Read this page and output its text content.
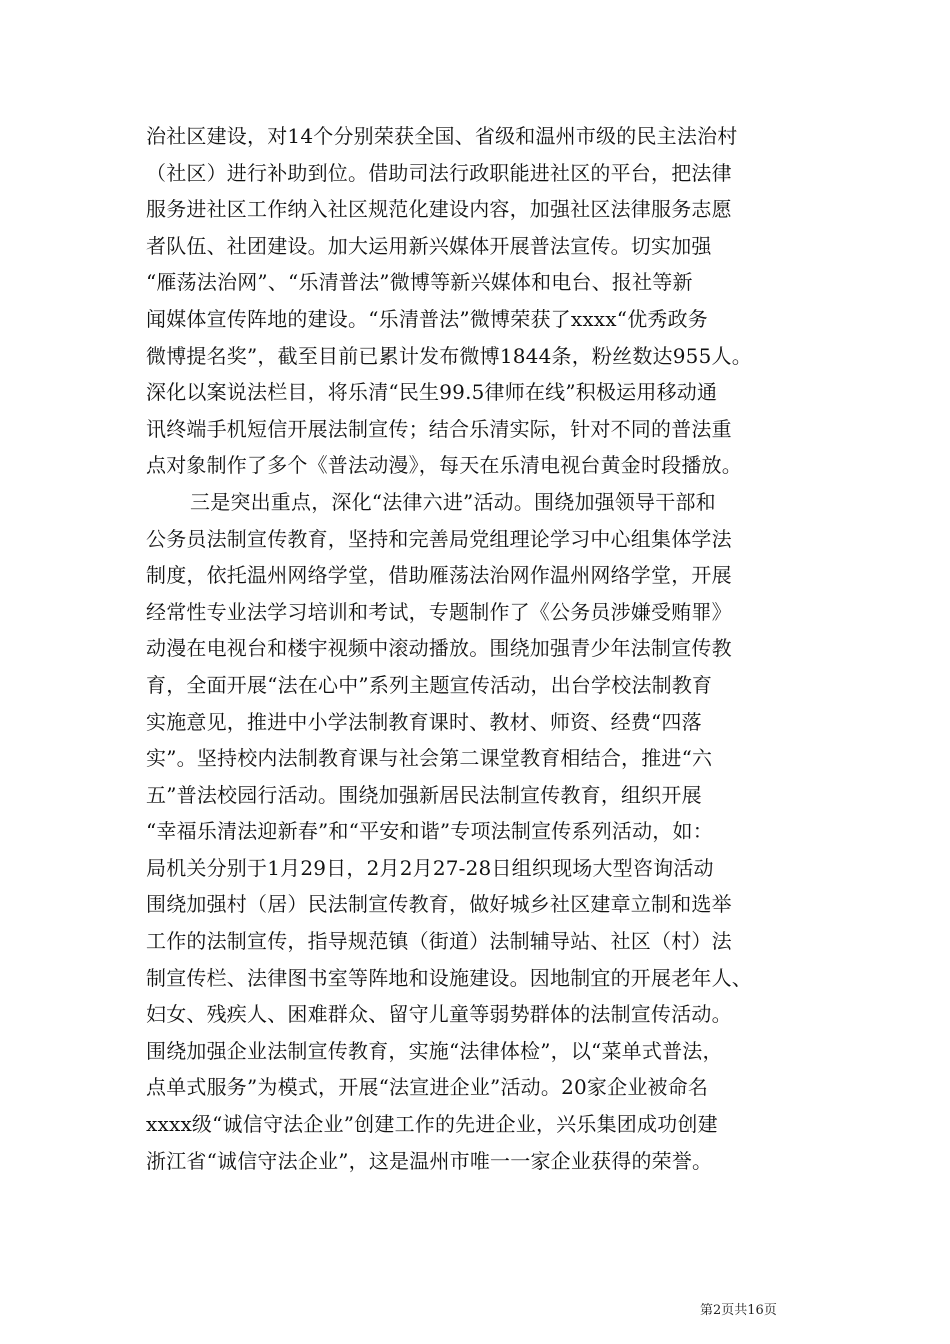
治社区建设，对14个分别荣获全国、省级和温州市级的民主法治村
（社区）进行补助到位。借助司法行政职能进社区的平台，把法律
服务进社区工作纳入社区规范化建设内容，加强社区法律服务志愿
者队伍、社团建设。加大运用新兴媒体开展普法宣传。切实加强
“雁荡法治网”、“乐清普法”微博等新兴媒体和电台、报社等新
闻媒体宣传阵地的建设。“乐清普法”微博荣获了xxxx“优秀政务
微博提名奖”，截至目前已累计发布微博1844条，粉丝数达955人。
深化以案说法栏目，将乐清“民生99.5律师在线”积极运用移动通
讯终端手机短信开展法制宣传；结合乐清实际，针对不同的普法重
点对象制作了多个《普法动漫》，每天在乐清电视台黄金时段播放。
三是突出重点，深化“法律六进”活动。围绕加强领导干部和
公务员法制宣传教育，坚持和完善局党组理论学习中心组集体学法
制度，依托温州网络学堂，借助雁荡法治网作温州网络学堂，开展
经常性专业法学习培训和考试，专题制作了《公务员涉嫌受贿罪》
动漫在电视台和楼宇视频中滚动播放。围绕加强青少年法制宣传教
育，全面开展“法在心中”系列主题宣传活动，出台学校法制教育
实施意见，推进中小学法制教育课时、教材、师资、经费“四落
实”。坚持校内法制教育课与社会第二课堂教育相结合，推进“六
五”普法校园行活动。围绕加强新居民法制宣传教育，组织开展
“幸福乐清法迎新春”和“平安和谐”专项法制宣传系列活动，如：
局机关分别于1月29日，2月2月27-28日组织现场大型咨询活动
围绕加强村（居）民法制宣传教育，做好城乡社区建章立制和选举
工作的法制宣传，指导规范镇（街道）法制辅导站、社区（村）法
制宣传栏、法律图书室等阵地和设施建设。因地制宜的开展老年人、
妇女、残疾人、困难群众、留守儿童等弱势群体的法制宣传活动。
围绕加强企业法制宣传教育，实施“法律体检”，以“菜单式普法，
点单式服务”为模式，开展“法宣进企业”活动。20家企业被命名
xxxx级“诚信守法企业”创建工作的先进企业，兴乐集团成功创建
浙江省“诚信守法企业”，这是温州市唯一一家企业获得的荣誉。
第2页共16页
